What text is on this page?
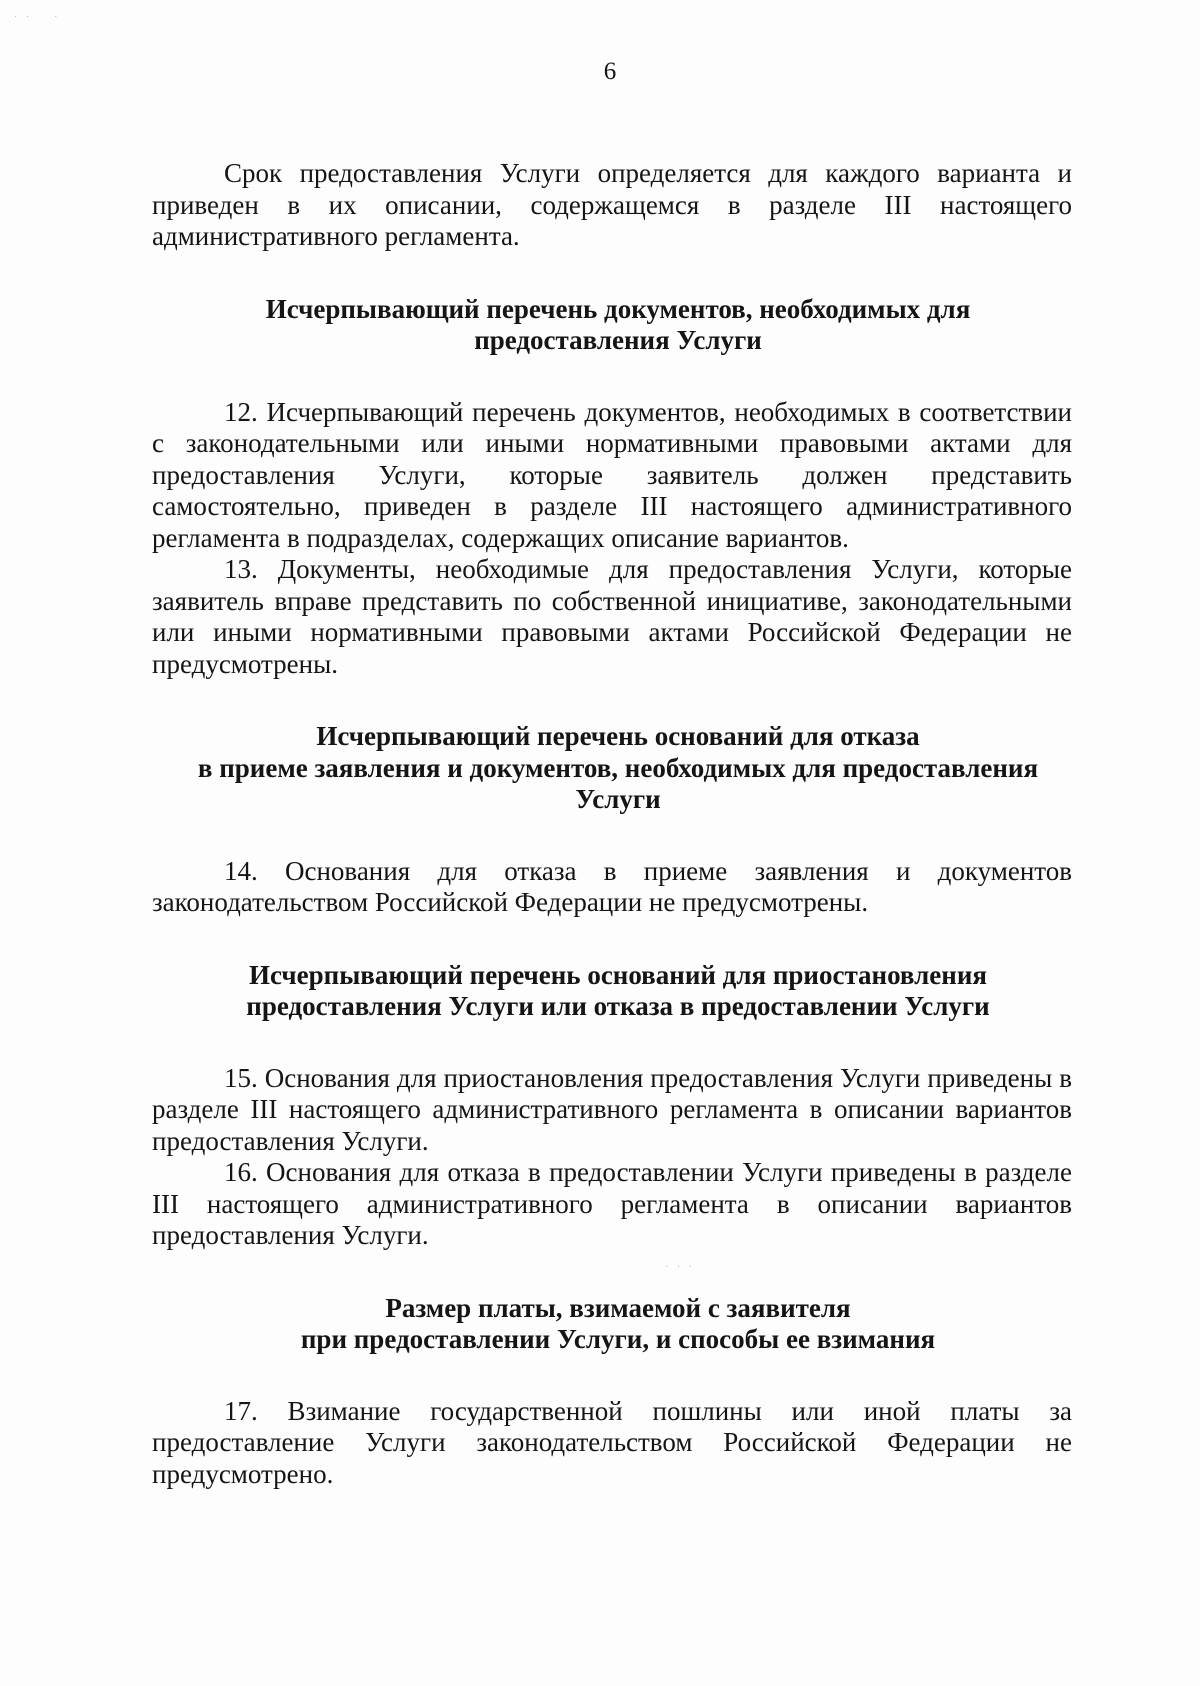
· ·    ·
· · ·
6

Срок предоставления Услуги определяется для каждого варианта и приведен в их описании, содержащемся в разделе III настоящего административного регламента.

Исчерпывающий перечень документов, необходимых для
предоставления Услуги

12. Исчерпывающий перечень документов, необходимых в соответствии с законодательными или иными нормативными правовыми актами для предоставления Услуги, которые заявитель должен представить самостоятельно, приведен в разделе III настоящего административного регламента в подразделах, содержащих описание вариантов.

13. Документы, необходимые для предоставления Услуги, которые заявитель вправе представить по собственной инициативе, законодательными или иными нормативными правовыми актами Российской Федерации не предусмотрены.

Исчерпывающий перечень оснований для отказа
в приеме заявления и документов, необходимых для предоставления
Услуги

14. Основания для отказа в приеме заявления и документов законодательством Российской Федерации не предусмотрены.

Исчерпывающий перечень оснований для приостановления
предоставления Услуги или отказа в предоставлении Услуги

15. Основания для приостановления предоставления Услуги приведены в разделе III настоящего административного регламента в описании вариантов предоставления Услуги.

16. Основания для отказа в предоставлении Услуги приведены в разделе III настоящего административного регламента в описании вариантов предоставления Услуги.

Размер платы, взимаемой с заявителя
при предоставлении Услуги, и способы ее взимания

17. Взимание государственной пошлины или иной платы за предоставление Услуги законодательством Российской Федерации не предусмотрено.
